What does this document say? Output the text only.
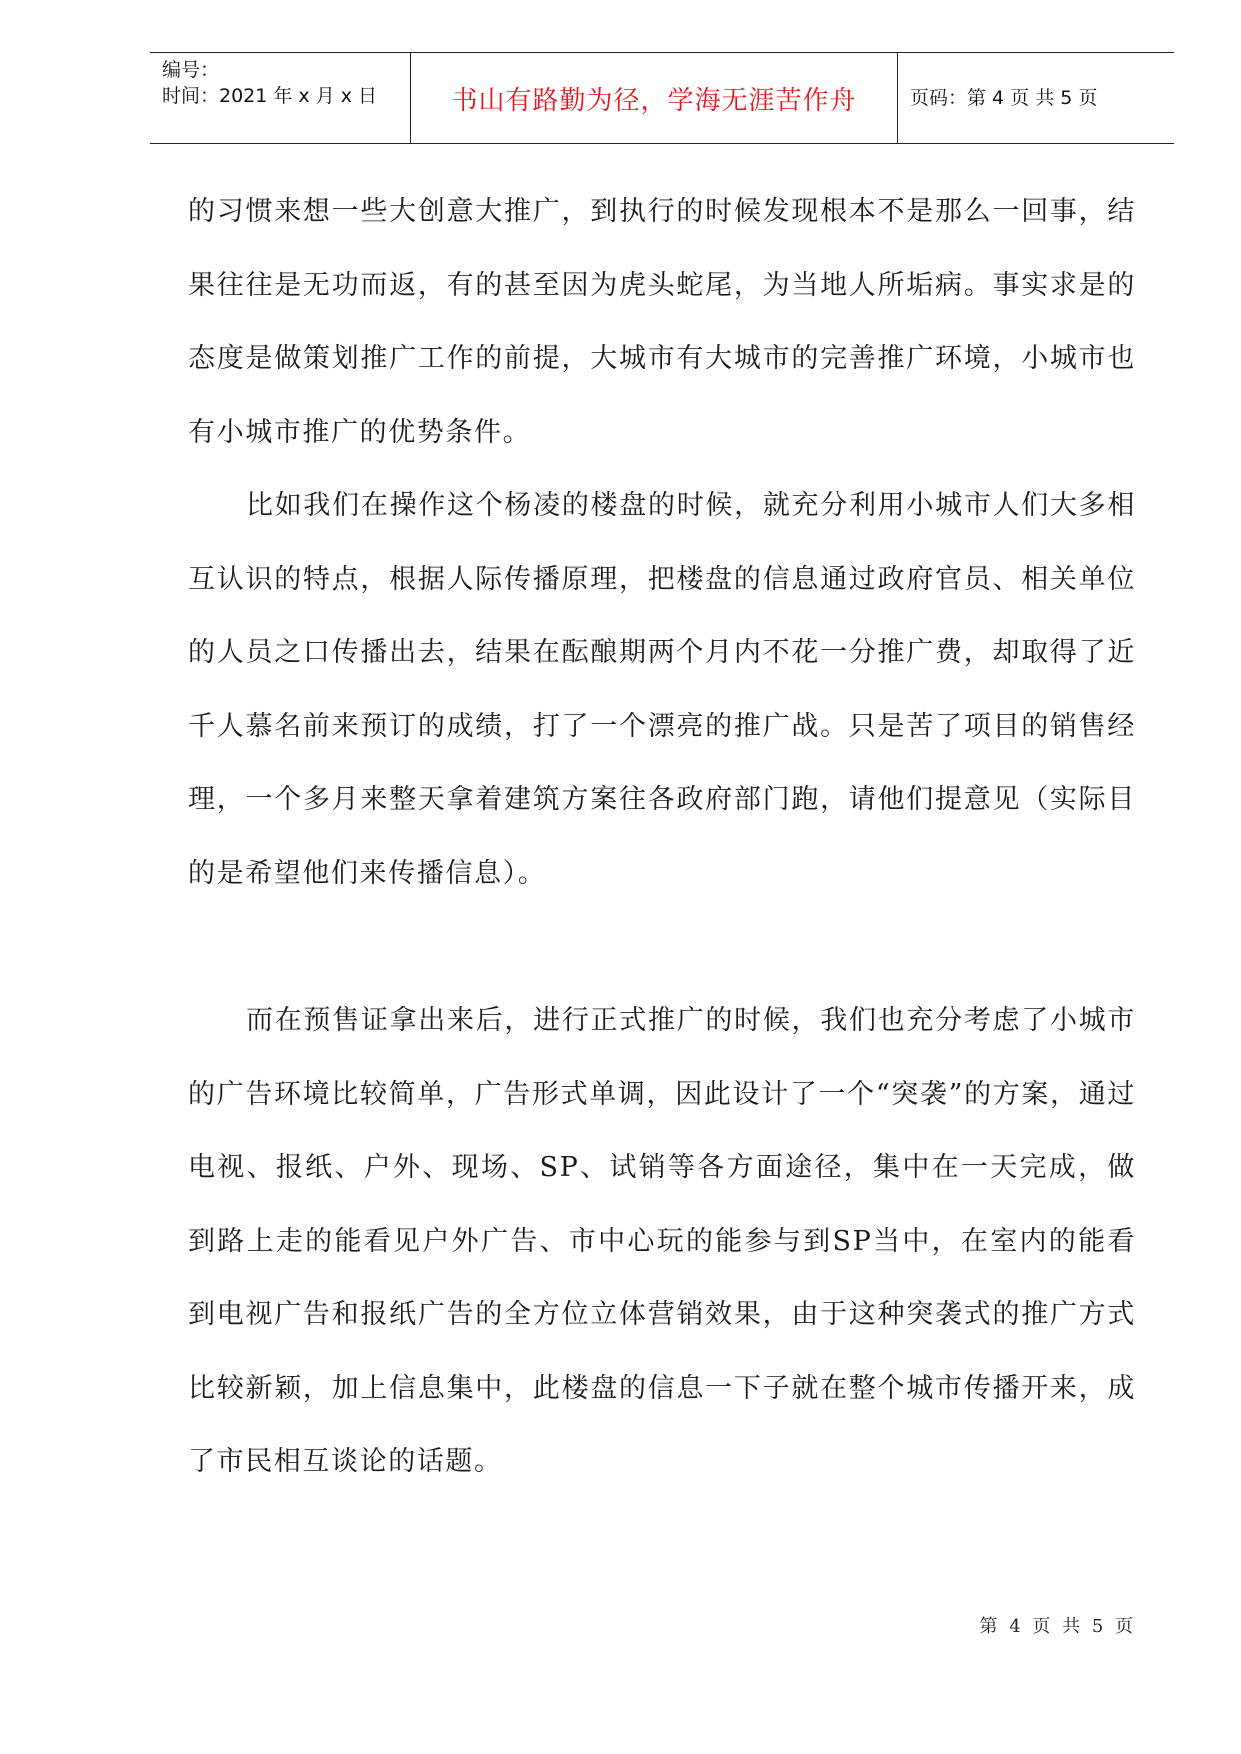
编号：
时间：2021 年 x 月 x 日	书山有路勤为径，学海无涯苦作舟	页码：第 4 页 共 5 页

的习惯来想一些大创意大推广，到执行的时候发现根本不是那么一回事，结果往往是无功而返，有的甚至因为虎头蛇尾，为当地人所垢病。事实求是的态度是做策划推广工作的前提，大城市有大城市的完善推广环境，小城市也有小城市推广的优势条件。

比如我们在操作这个杨凌的楼盘的时候，就充分利用小城市人们大多相互认识的特点，根据人际传播原理，把楼盘的信息通过政府官员、相关单位的人员之口传播出去，结果在酝酿期两个月内不花一分推广费，却取得了近千人慕名前来预订的成绩，打了一个漂亮的推广战。只是苦了项目的销售经理，一个多月来整天拿着建筑方案往各政府部门跑，请他们提意见（实际目的是希望他们来传播信息）。

而在预售证拿出来后，进行正式推广的时候，我们也充分考虑了小城市的广告环境比较简单，广告形式单调，因此设计了一个“突袭”的方案，通过电视、报纸、户外、现场、SP、试销等各方面途径，集中在一天完成，做到路上走的能看见户外广告、市中心玩的能参与到SP当中，在室内的能看到电视广告和报纸广告的全方位立体营销效果，由于这种突袭式的推广方式比较新颖，加上信息集中，此楼盘的信息一下子就在整个城市传播开来，成了市民相互谈论的话题。

第 4 页 共 5 页
